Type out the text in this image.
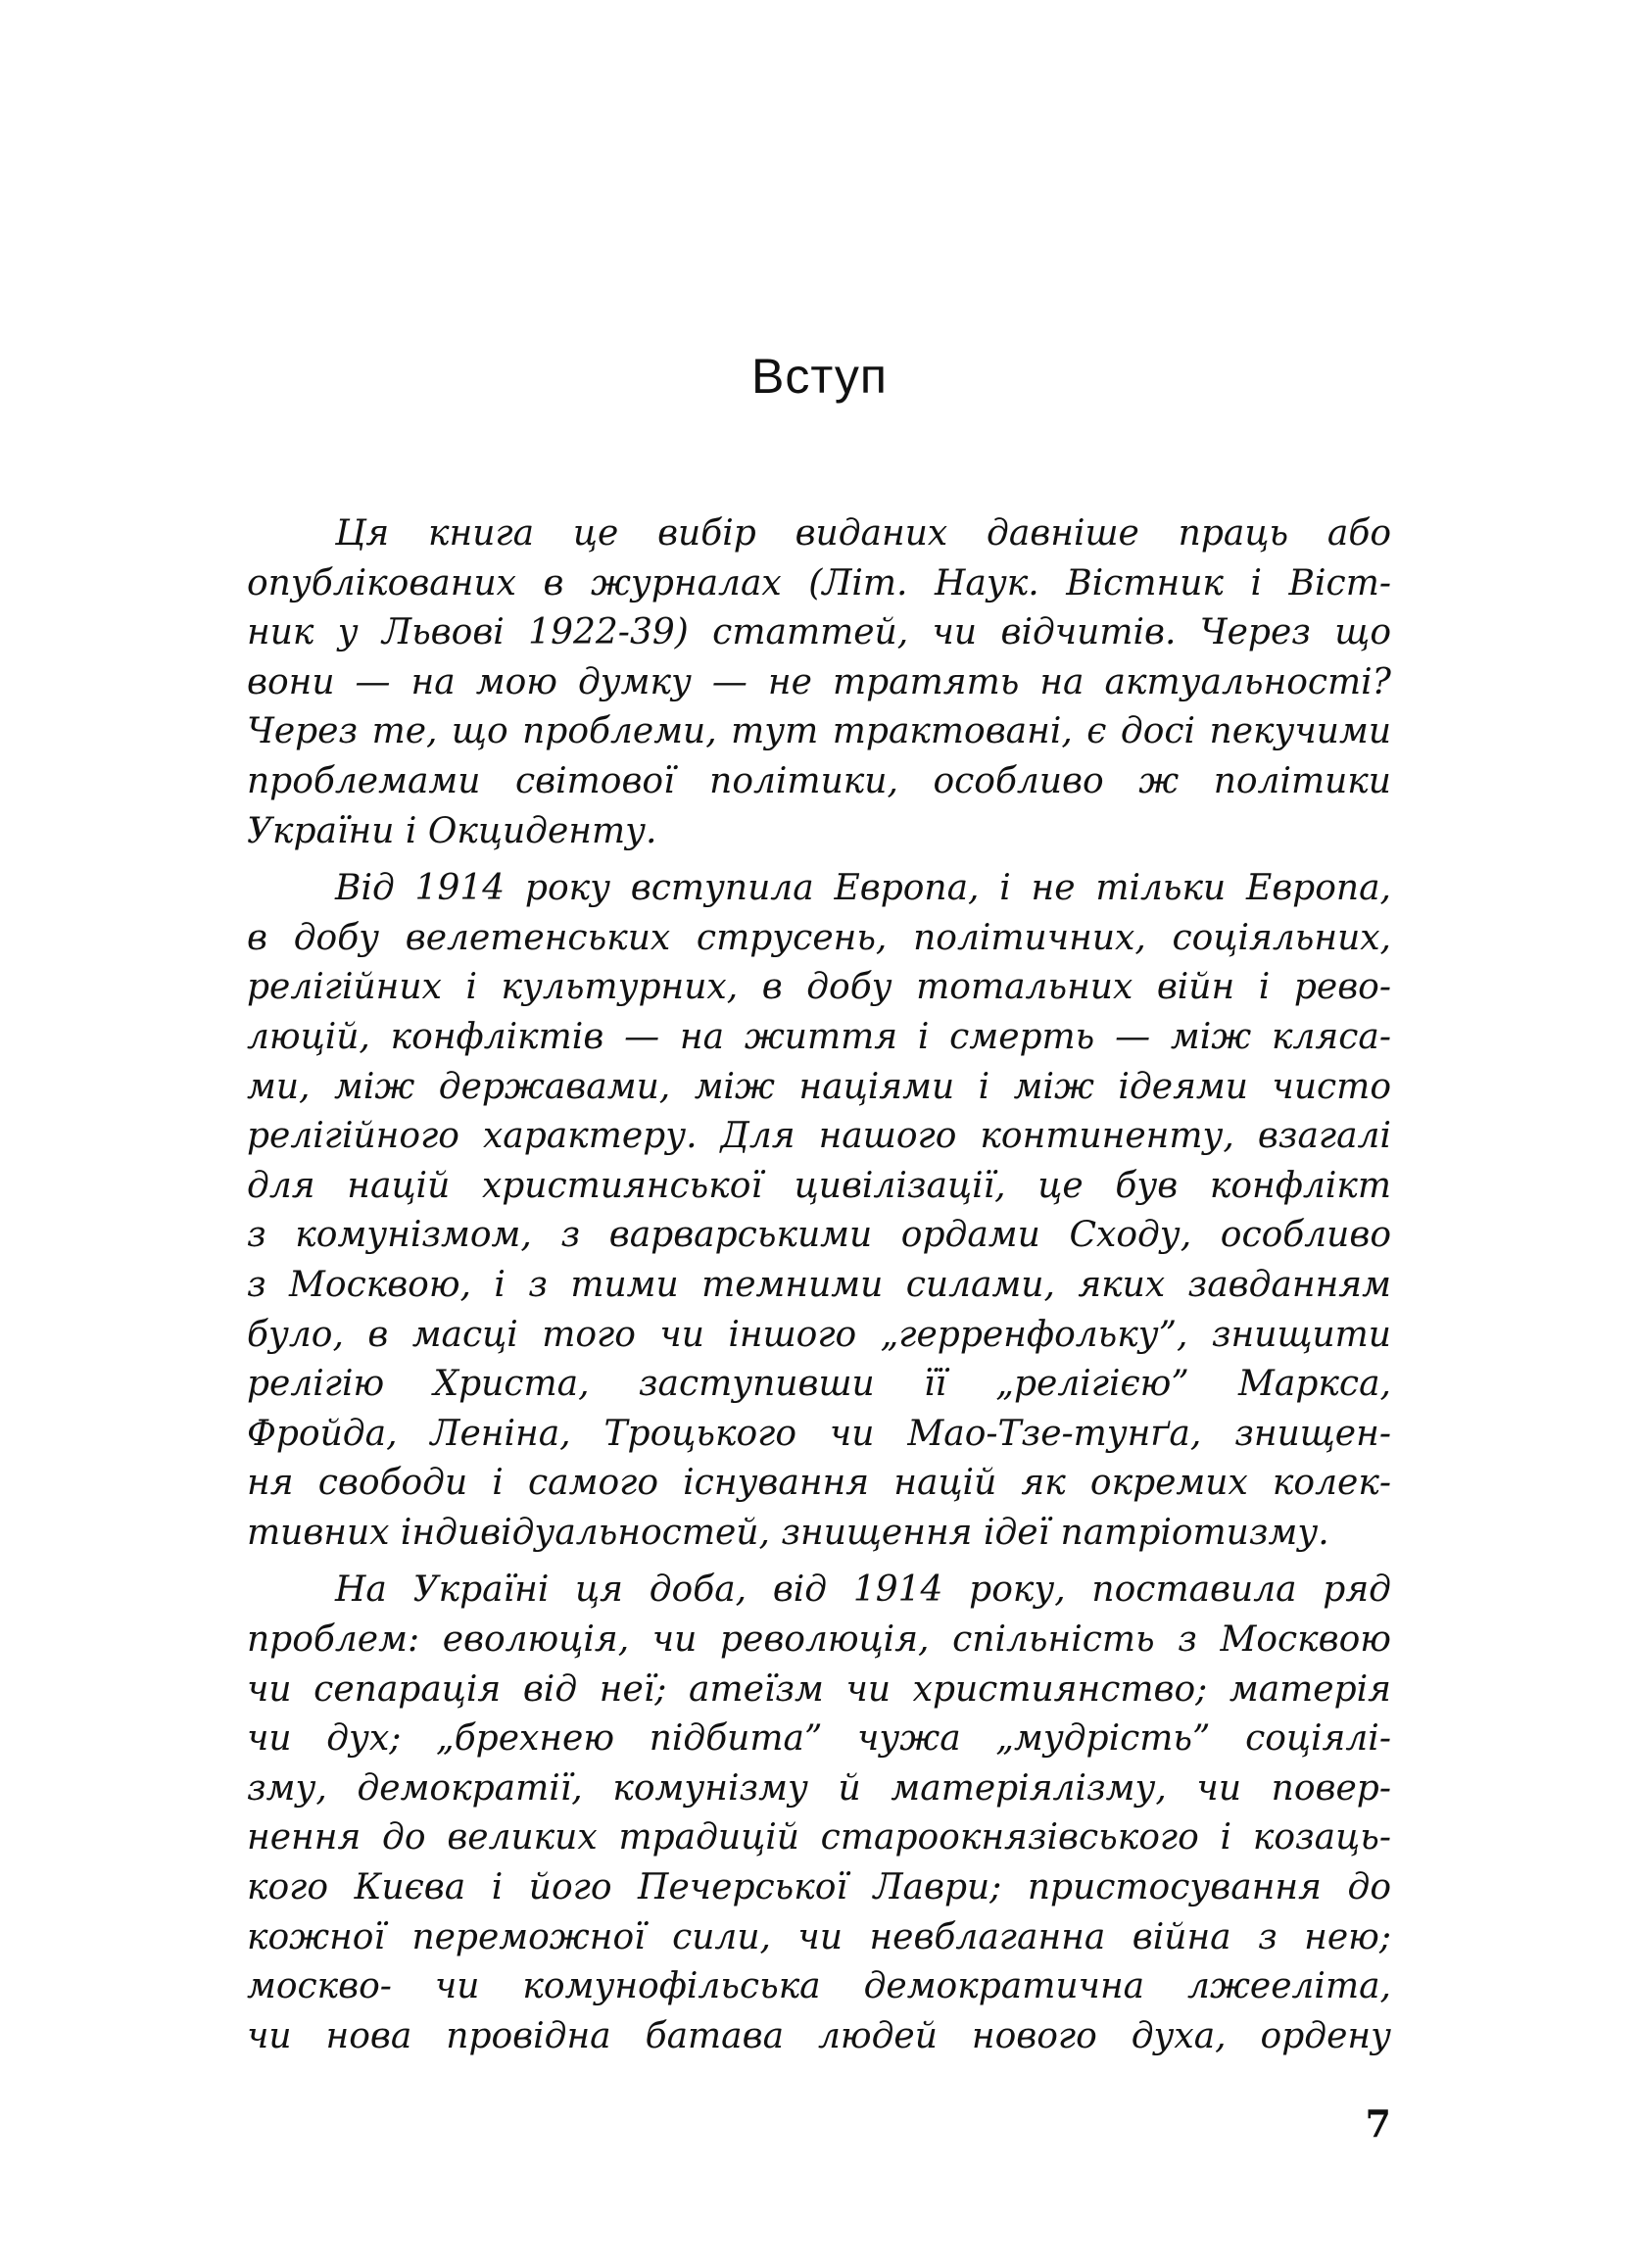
Вступ
Ця книга це вибір виданих давніше праць або
опублікованих в журналах (Літ. Наук. Вістник і Віст-
ник у Львові 1922-39) статтей, чи відчитів. Через що
вони — на мою думку — не тратять на актуальності?
Через те, що проблеми, тут трактовані, є досі пекучими
проблемами світової політики, особливо ж політики
України і Окциденту.
Від 1914 року вступила Европа, і не тільки Европа,
в добу велетенських струсень, політичних, соціяльних,
релігійних і культурних, в добу тотальних війн і рево-
люцій, конфліктів — на життя і смерть — між кляса-
ми, між державами, між націями і між ідеями чисто
релігійного характеру. Для нашого континенту, взагалі
для націй християнської цивілізації, це був конфлікт
з комунізмом, з варварськими ордами Сходу, особливо
з Москвою, і з тими темними силами, яких завданням
було, в масці того чи іншого „герренфольку”, знищити
релігію Христа, заступивши її „релігією” Маркса,
Фройда, Леніна, Троцького чи Мао-Тзе-тунґа, знищен-
ня свободи і самого існування націй як окремих колек-
тивних індивідуальностей, знищення ідеї патріотизму.
На Україні ця доба, від 1914 року, поставила ряд
проблем: еволюція, чи революція, спільність з Москвою
чи сепарація від неї; атеїзм чи християнство; матерія
чи дух; „брехнею підбита” чужа „мудрість” соціялі-
зму, демократії, комунізму й матеріялізму, чи повер-
нення до великих традицій староокнязівського і козаць-
кого Києва і його Печерської Лаври; пристосування до
кожної переможної сили, чи невблаганна війна з нею;
москво- чи комунофільська демократична лжееліта,
чи нова провідна батава людей нового духа, ордену
7
